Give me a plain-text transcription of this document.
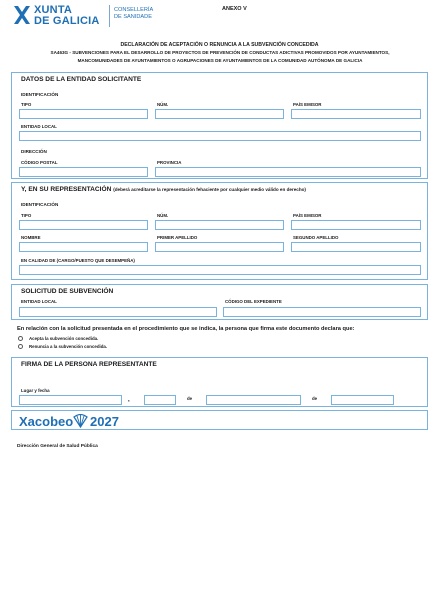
XUNTA
DE GALICIA
CONSELLERÍA
DE SANIDADE
ANEXO V
DECLARACIÓN DE ACEPTACIÓN O RENUNCIA A LA SUBVENCIÓN CONCEDIDA
SA463G - SUBVENCIONES PARA EL DESARROLLO DE PROYECTOS DE PREVENCIÓN DE CONDUCTAS ADICTIVAS PROMOVIDOS POR AYUNTAMIENTOS,
MANCOMUNIDADES DE AYUNTAMIENTOS O AGRUPACIONES DE AYUNTAMIENTOS DE LA COMUNIDAD AUTÓNOMA DE GALICIA
DATOS DE LA ENTIDAD SOLICITANTE
IDENTIFICACIÓN
TIPO	NÚM.	PAÍS EMISOR
ENTIDAD LOCAL
DIRECCIÓN
CÓDIGO POSTAL	PROVINCIA
Y, EN SU REPRESENTACIÓN (deberá acreditarse la representación fehaciente por cualquier medio válido en derecho)
IDENTIFICACIÓN
TIPO	NÚM.	PAÍS EMISOR
NOMBRE	PRIMER APELLIDO	SEGUNDO APELLIDO
EN CALIDAD DE (CARGO/PUESTO QUE DESEMPEÑA)
SOLICITUD DE SUBVENCIÓN
ENTIDAD LOCAL	CÓDIGO DEL EXPEDIENTE
En relación con la solicitud presentada en el procedimiento que se indica, la persona que firma este documento declara que:
Acepta la subvención concedida.
Renuncia a la subvención concedida.
FIRMA DE LA PERSONA REPRESENTANTE
Lugar y fecha
,	de	de
Xacobeo 2027
Dirección General de Salud Pública
